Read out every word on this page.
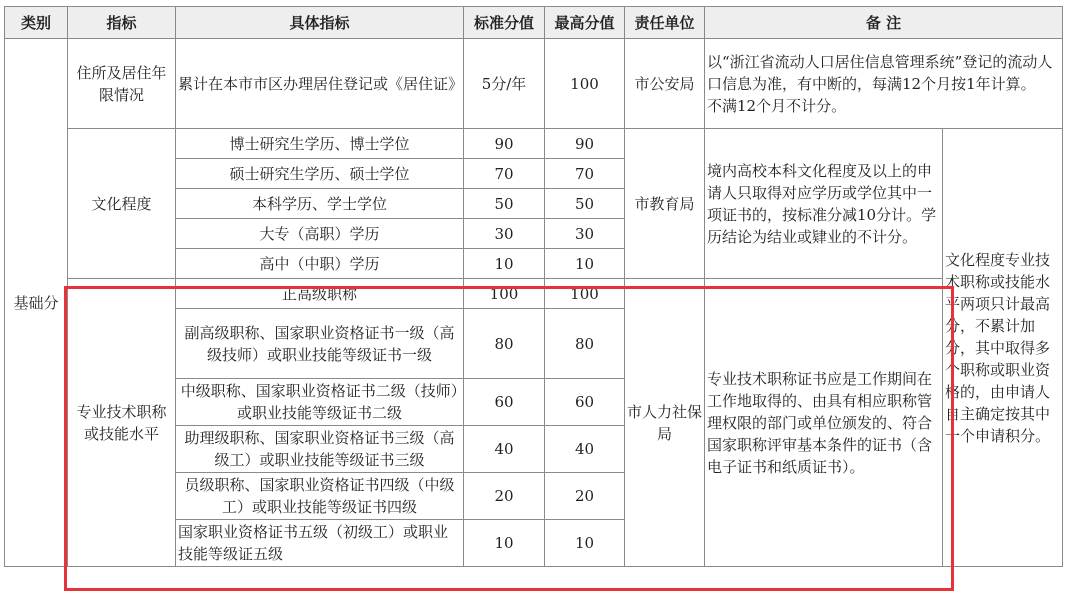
类别	指标	具体指标	标准分值	最高分值	责任单位	备 注	
基础分	住所及居住年限情况	累计在本市市区办理居住登记或《居住证》	5分/年	100	市公安局	以“浙江省流动人口居住信息管理系统”登记的流动人口信息为准，有中断的，每满12个月按1年计算。
不满12个月不计分。	
	文化程度	博士研究生学历、博士学位	90	90	市教育局	境内高校本科文化程度及以上的申请人只取得对应学历或学位其中一项证书的，按标准分减10分计。学历结论为结业或肄业的不计分。	文化程度专业技术职称或技能水平两项只计最高分，不累计加分，其中取得多个职称或职业资格的，由申请人自主确定按其中一个申请积分。
		硕士研究生学历、硕士学位	70	70			
		本科学历、学士学位	50	50			
		大专（高职）学历	30	30			
		高中（中职）学历	10	10			
	专业技术职称或技能水平	正高级职称	100	100	市人力社保局	专业技术职称证书应是工作期间在工作地取得的、由具有相应职称管理权限的部门或单位颁发的、符合国家职称评审基本条件的证书（含电子证书和纸质证书）。	
		副高级职称、国家职业资格证书一级（高级技师）或职业技能等级证书一级	80	80			
		中级职称、国家职业资格证书二级（技师）或职业技能等级证书二级	60	60			
		助理级职称、国家职业资格证书三级（高级工）或职业技能等级证书三级	40	40			
		员级职称、国家职业资格证书四级（中级工）或职业技能等级证书四级	20	20			
		国家职业资格证书五级（初级工）或职业技能等级证五级	10	10			
